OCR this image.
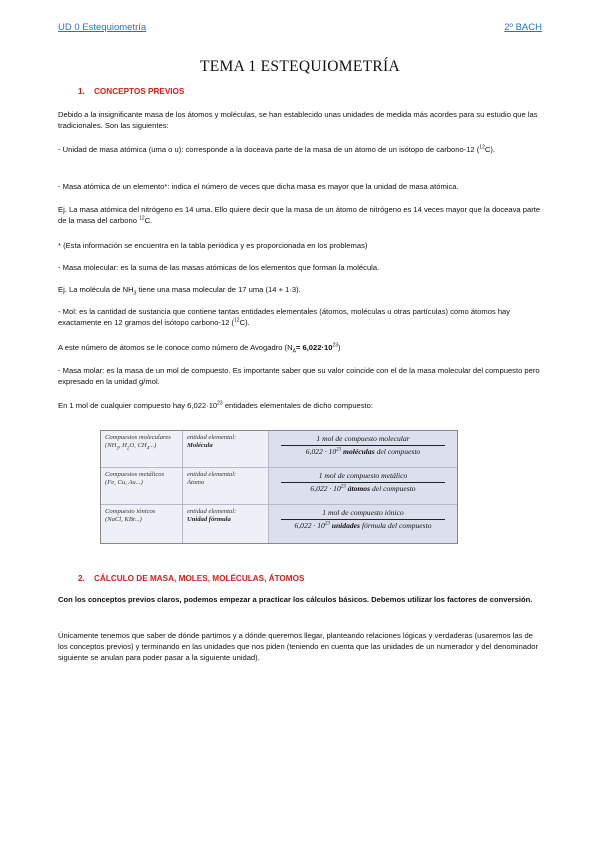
UD 0 Estequiometría	2º BACH
TEMA 1 ESTEQUIOMETRÍA
1. CONCEPTOS PREVIOS

Debido a la insignificante masa de los átomos y moléculas, se han establecido unas unidades de medida más acordes para su estudio que las tradicionales. Son las siguientes:

- Unidad de masa atómica (uma o u): corresponde a la doceava parte de la masa de un átomo de un isótopo de carbono-12 ($^{12}$C).

- Masa atómica de un elemento*: indica el número de veces que dicha masa es mayor que la unidad de masa atómica.

Ej. La masa atómica del nitrógeno es 14 uma. Ello quiere decir que la masa de un átomo de nitrógeno es 14 veces mayor que la doceava parte de la masa del carbono $^{12}$C.

* (Esta información se encuentra en la tabla periódica y es proporcionada en los problemas)

- Masa molecular: es la suma de las masas atómicas de los elementos que forman la molécula.

Ej. La molécula de $NH_3$ tiene una masa molecular de 17 uma (14 + 1·3).

- Mol: es la cantidad de sustancia que contiene tantas entidades elementales (átomos, moléculas u otras partículas) como átomos hay exactamente en 12 gramos del isótopo carbono-12 ($^{12}$C).

A este número de átomos se le conoce como número de Avogadro $(N_A= 6,022\cdot 10^{23})$

- Masa molar: es la masa de un mol de compuesto. Es importante saber que su valor coincide con el de la masa molecular del compuesto pero expresado en la unidad g/mol.

En 1 mol de cualquier compuesto hay $6,022\cdot 10^{23}$ entidades elementales de dicho compuesto:

Compuestos moleculares
($NH_3$, $H_2O$, $CH_4$...)
entidad elemental:
Molécula
1 mol de compuesto molecular
$6,022 \cdot 10^{23}$ moléculas del compuesto
Compuestos metálicos
(Fe, Cu, Au...)
entidad elemental:
Átomo
1 mol de compuesto metálico
$6,022 \cdot 10^{23}$ átomos del compuesto
Compuesto iónicos
(NaCl, KBr...)
entidad elemental:
Unidad fórmula
1 mol de compuesto iónico
$6,022 \cdot 10^{23}$ unidades fórmula del compuesto
2. CÁLCULO DE MASA, MOLES, MOLÉCULAS, ÁTOMOS

Con los conceptos previos claros, podemos empezar a practicar los cálculos básicos. Debemos utilizar los factores de conversión.

Únicamente tenemos que saber de dónde partimos y a dónde queremos llegar, planteando relaciones lógicas y verdaderas (usaremos las de los conceptos previos) y terminando en las unidades que nos piden (teniendo en cuenta que las unidades de un numerador y del denominador siguiente se anulan para poder pasar a la siguiente unidad).
